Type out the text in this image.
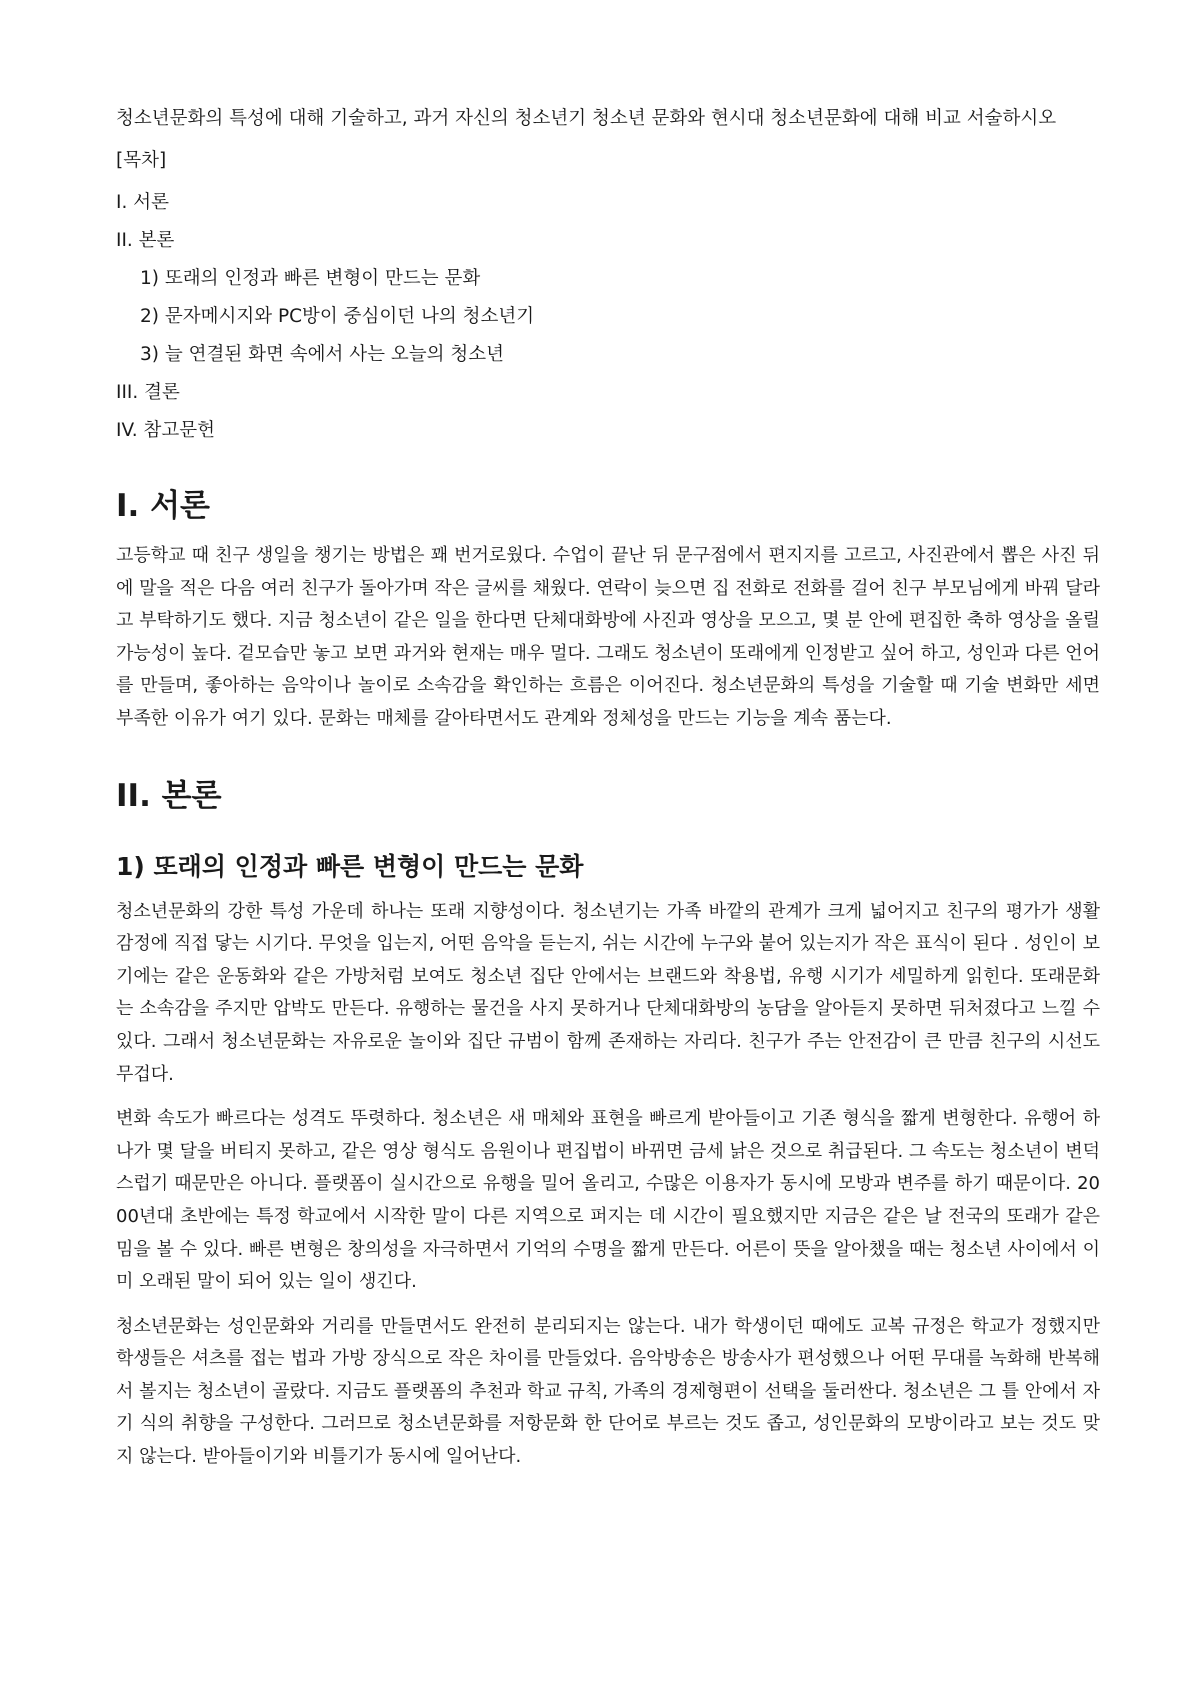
청소년문화의 특성에 대해 기술하고, 과거 자신의 청소년기 청소년 문화와 현시대 청소년문화에 대해 비교 서술하시오

[목차]
I. 서론
II. 본론
1) 또래의 인정과 빠른 변형이 만드는 문화
2) 문자메시지와 PC방이 중심이던 나의 청소년기
3) 늘 연결된 화면 속에서 사는 오늘의 청소년
III. 결론
IV. 참고문헌
I. 서론

고등학교 때 친구 생일을 챙기는 방법은 꽤 번거로웠다. 수업이 끝난 뒤 문구점에서 편지지를 고르고, 사진관에서 뽑은 사진 뒤에 말을 적은 다음 여러 친구가 돌아가며 작은 글씨를 채웠다. 연락이 늦으면 집 전화로 전화를 걸어 친구 부모님에게 바꿔 달라고 부탁하기도 했다. 지금 청소년이 같은 일을 한다면 단체대화방에 사진과 영상을 모으고, 몇 분 안에 편집한 축하 영상을 올릴 가능성이 높다. 겉모습만 놓고 보면 과거와 현재는 매우 멀다. 그래도 청소년이 또래에게 인정받고 싶어 하고, 성인과 다른 언어를 만들며, 좋아하는 음악이나 놀이로 소속감을 확인하는 흐름은 이어진다. 청소년문화의 특성을 기술할 때 기술 변화만 세면 부족한 이유가 여기 있다. 문화는 매체를 갈아타면서도 관계와 정체성을 만드는 기능을 계속 품는다.

II. 본론
1) 또래의 인정과 빠른 변형이 만드는 문화

청소년문화의 강한 특성 가운데 하나는 또래 지향성이다. 청소년기는 가족 바깥의 관계가 크게 넓어지고 친구의 평가가 생활 감정에 직접 닿는 시기다. 무엇을 입는지, 어떤 음악을 듣는지, 쉬는 시간에 누구와 붙어 있는지가 작은 표식이 된다 . 성인이 보기에는 같은 운동화와 같은 가방처럼 보여도 청소년 집단 안에서는 브랜드와 착용법, 유행 시기가 세밀하게 읽힌다. 또래문화는 소속감을 주지만 압박도 만든다. 유행하는 물건을 사지 못하거나 단체대화방의 농담을 알아듣지 못하면 뒤처졌다고 느낄 수 있다. 그래서 청소년문화는 자유로운 놀이와 집단 규범이 함께 존재하는 자리다. 친구가 주는 안전감이 큰 만큼 친구의 시선도 무겁다.

변화 속도가 빠르다는 성격도 뚜렷하다. 청소년은 새 매체와 표현을 빠르게 받아들이고 기존 형식을 짧게 변형한다. 유행어 하나가 몇 달을 버티지 못하고, 같은 영상 형식도 음원이나 편집법이 바뀌면 금세 낡은 것으로 취급된다. 그 속도는 청소년이 변덕스럽기 때문만은 아니다. 플랫폼이 실시간으로 유행을 밀어 올리고, 수많은 이용자가 동시에 모방과 변주를 하기 때문이다. 2000년대 초반에는 특정 학교에서 시작한 말이 다른 지역으로 퍼지는 데 시간이 필요했지만 지금은 같은 날 전국의 또래가 같은 밈을 볼 수 있다. 빠른 변형은 창의성을 자극하면서 기억의 수명을 짧게 만든다. 어른이 뜻을 알아챘을 때는 청소년 사이에서 이미 오래된 말이 되어 있는 일이 생긴다.

청소년문화는 성인문화와 거리를 만들면서도 완전히 분리되지는 않는다. 내가 학생이던 때에도 교복 규정은 학교가 정했지만 학생들은 셔츠를 접는 법과 가방 장식으로 작은 차이를 만들었다. 음악방송은 방송사가 편성했으나 어떤 무대를 녹화해 반복해서 볼지는 청소년이 골랐다. 지금도 플랫폼의 추천과 학교 규칙, 가족의 경제형편이 선택을 둘러싼다. 청소년은 그 틀 안에서 자기 식의 취향을 구성한다. 그러므로 청소년문화를 저항문화 한 단어로 부르는 것도 좁고, 성인문화의 모방이라고 보는 것도 맞지 않는다. 받아들이기와 비틀기가 동시에 일어난다.
